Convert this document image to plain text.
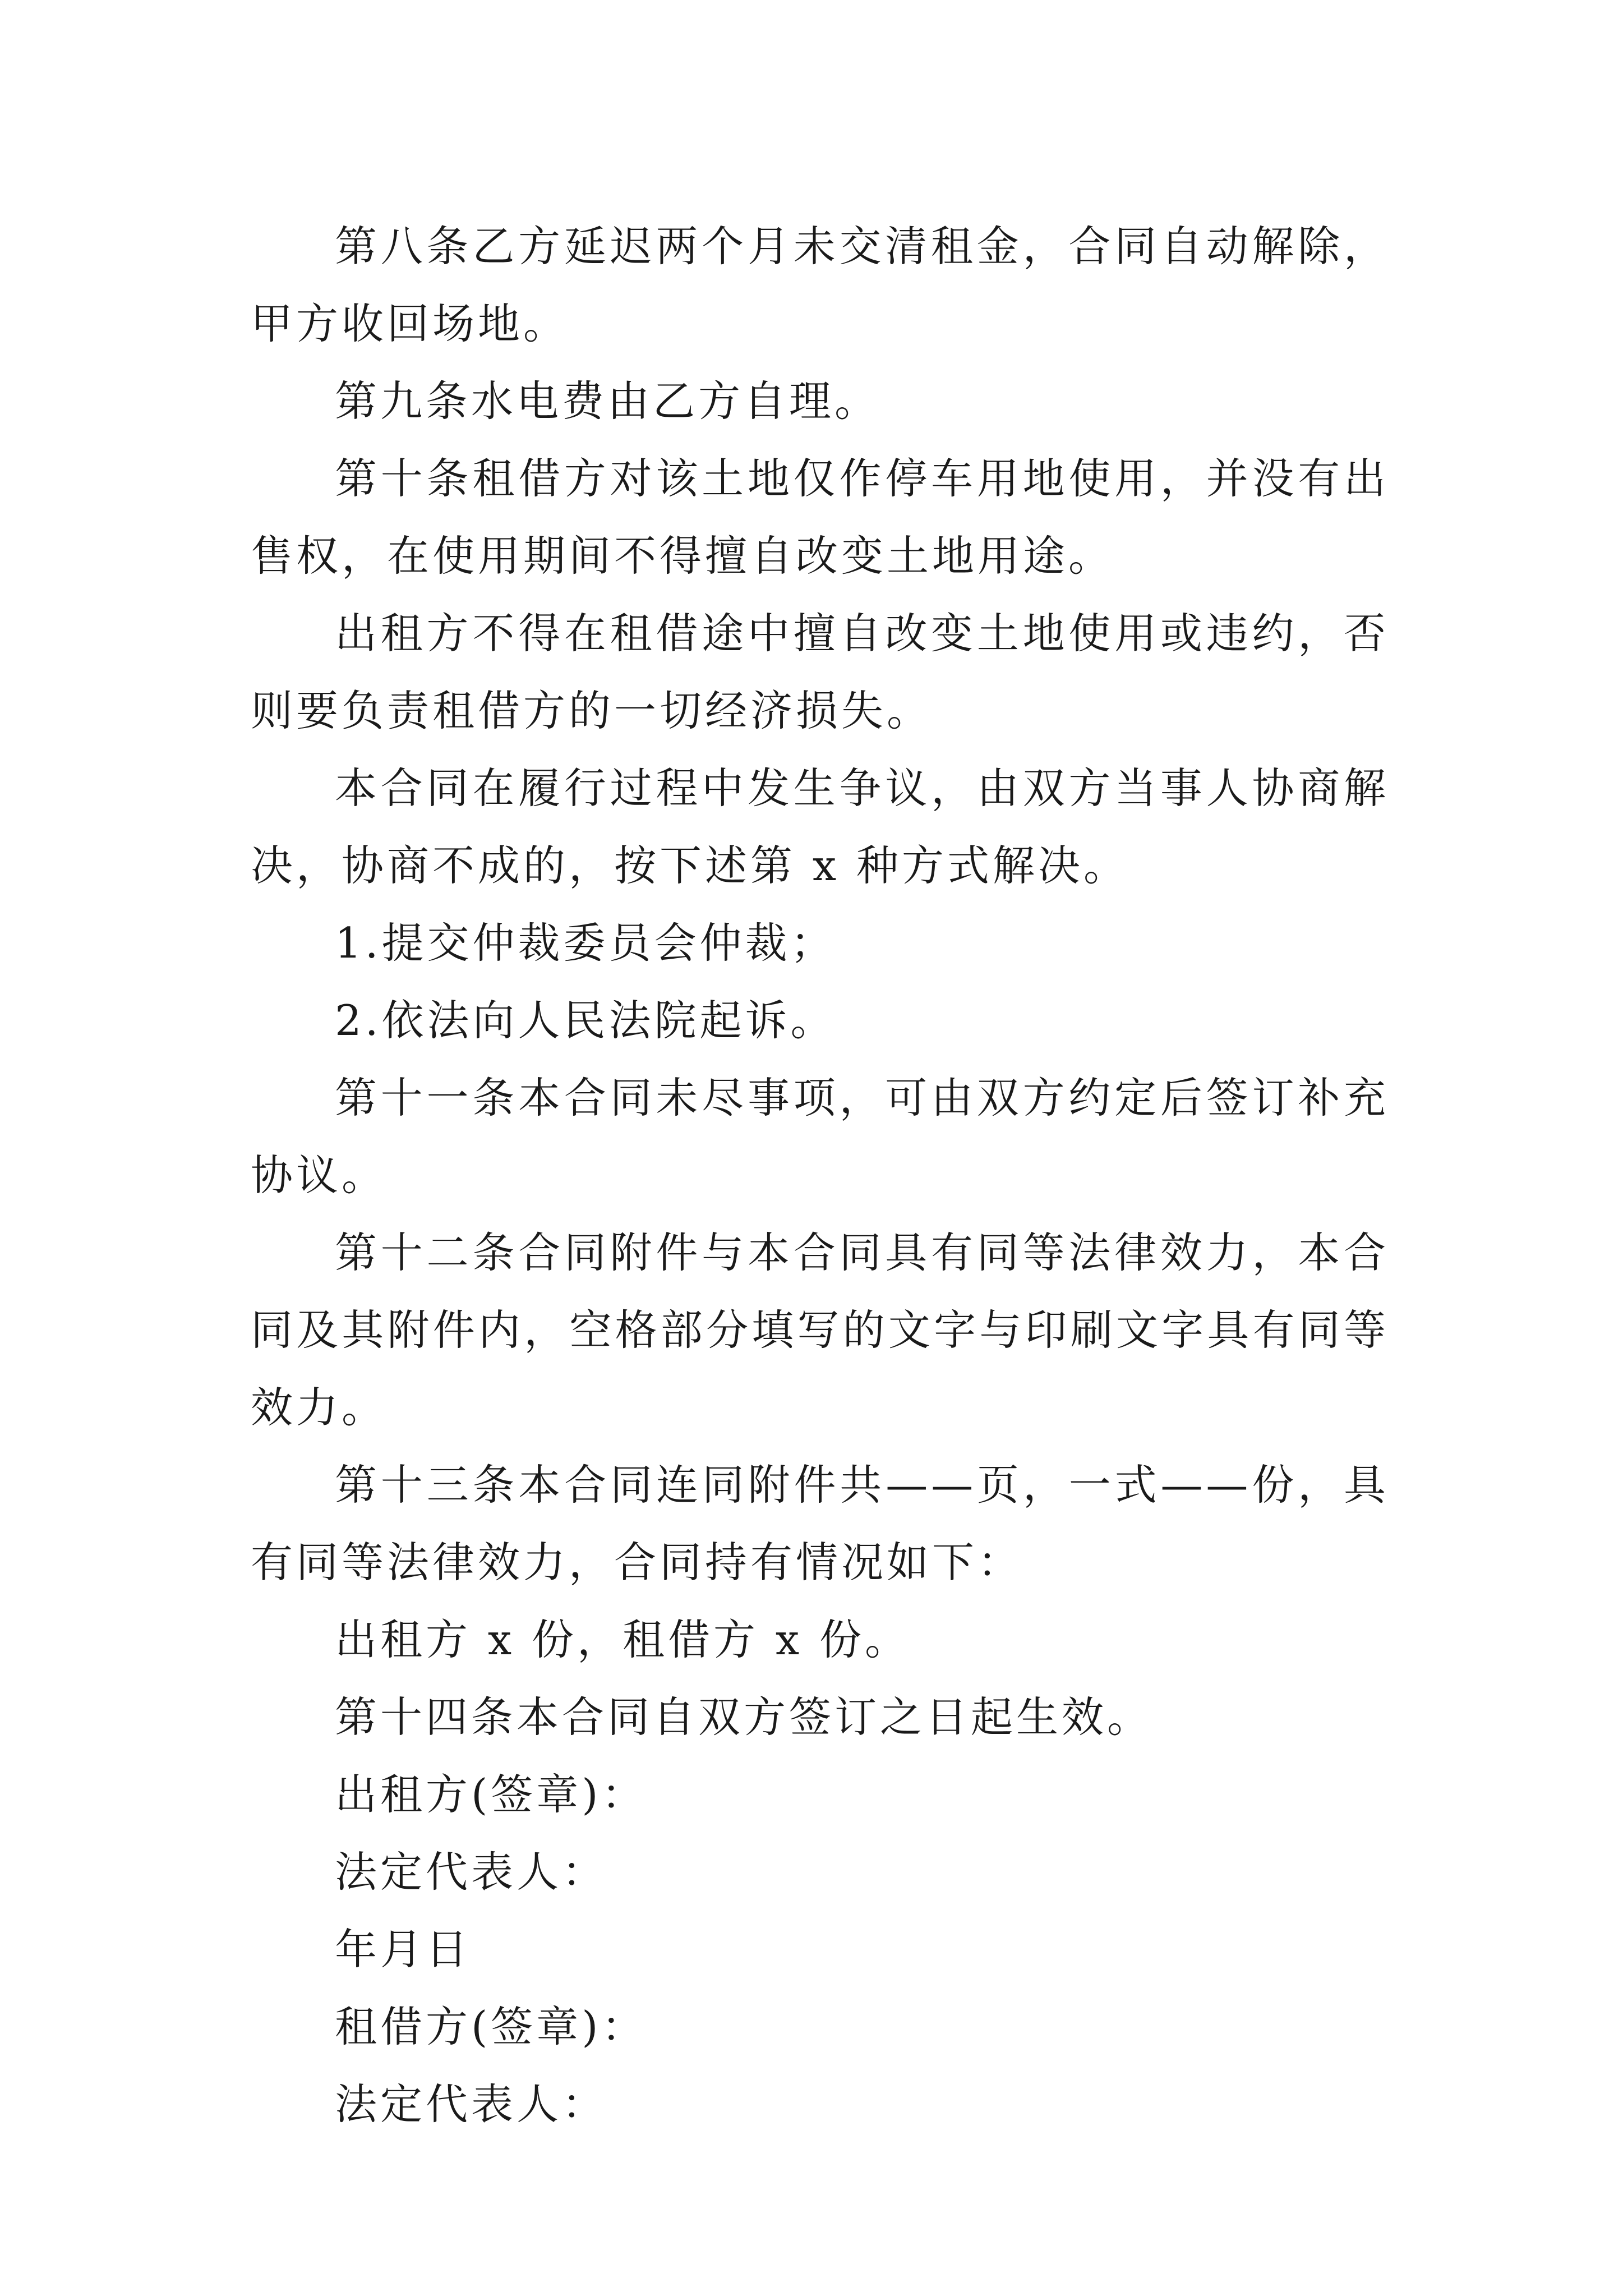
第八条乙方延迟两个月未交清租金，合同自动解除，甲方收回场地。

第九条水电费由乙方自理。

第十条租借方对该土地仅作停车用地使用，并没有出售权，在使用期间不得擅自改变土地用途。

出租方不得在租借途中擅自改变土地使用或违约，否则要负责租借方的一切经济损失。

本合同在履行过程中发生争议，由双方当事人协商解决，协商不成的，按下述第 x 种方式解决。

1.提交仲裁委员会仲裁；

2.依法向人民法院起诉。

第十一条本合同未尽事项，可由双方约定后签订补充协议。

第十二条合同附件与本合同具有同等法律效力，本合同及其附件内，空格部分填写的文字与印刷文字具有同等效力。

第十三条本合同连同附件共——页，一式——份，具有同等法律效力，合同持有情况如下：

出租方 x 份，租借方 x 份。

第十四条本合同自双方签订之日起生效。

出租方(签章)：

法定代表人：

年月日

租借方(签章)：

法定代表人：
